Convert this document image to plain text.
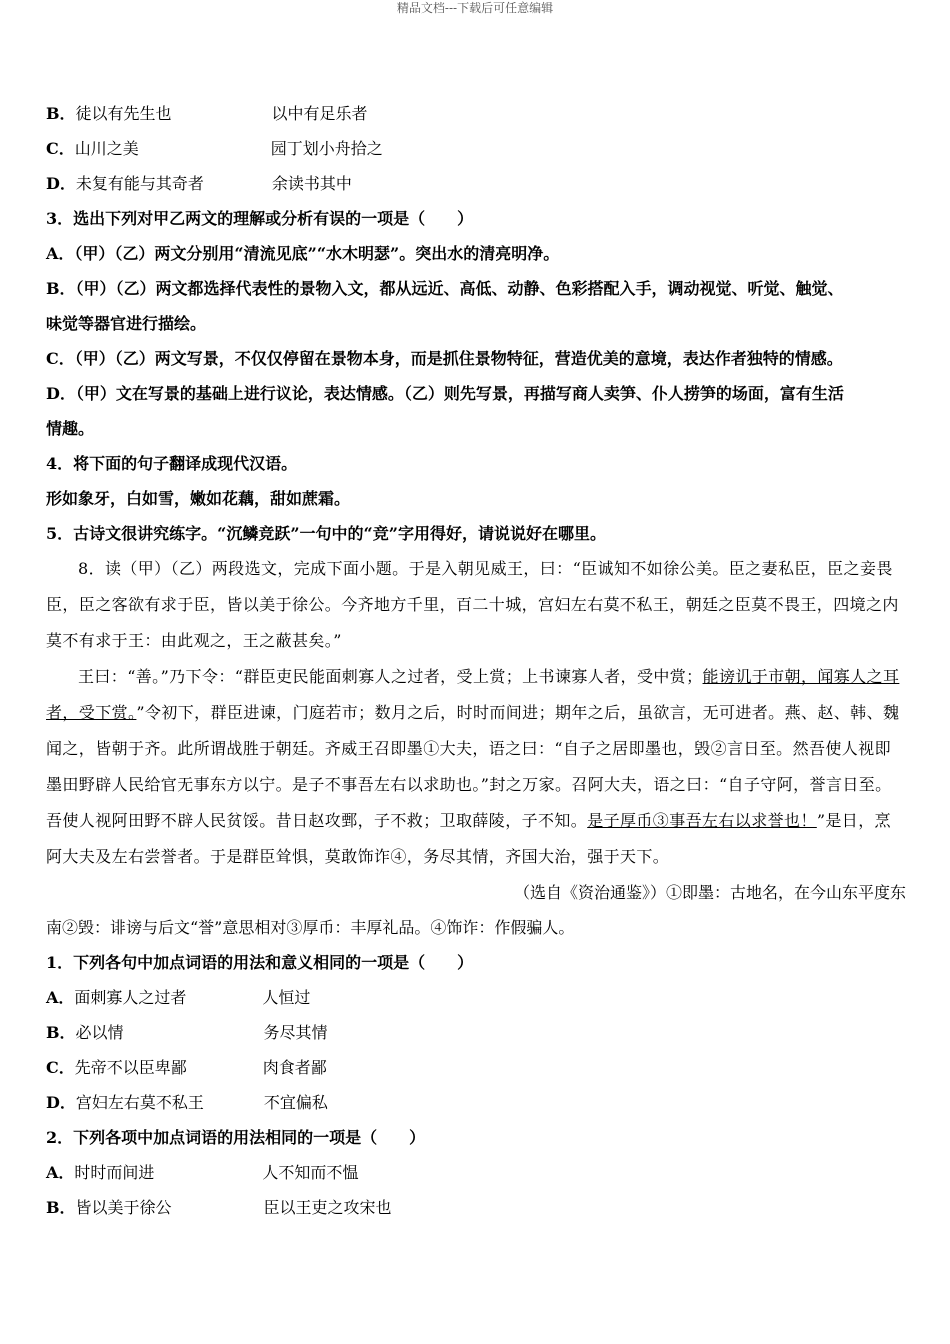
精品文档---下载后可任意编辑
B．徒以有先生也	以中有足乐者
C．山川之美	园丁划小舟拾之
D．未复有能与其奇者	余读书其中
3．选出下列对甲乙两文的理解或分析有误的一项是（　　）
A．（甲）（乙）两文分别用“清流见底”“水木明瑟”。突出水的清亮明净。
B．（甲）（乙）两文都选择代表性的景物入文，都从远近、高低、动静、色彩搭配入手，调动视觉、听觉、触觉、
味觉等器官进行描绘。
C．（甲）（乙）两文写景，不仅仅停留在景物本身，而是抓住景物特征，营造优美的意境，表达作者独特的情感。
D．（甲）文在写景的基础上进行议论，表达情感。（乙）则先写景，再描写商人卖笋、仆人捞笋的场面，富有生活
情趣。
4．将下面的句子翻译成现代汉语。
形如象牙，白如雪，嫩如花藕，甜如蔗霜。
5．古诗文很讲究练字。“沉鳞竞跃”一句中的“竞”字用得好，请说说好在哪里。
8．读（甲）（乙）两段选文，完成下面小题。于是入朝见威王，曰：“臣诚知不如徐公美。臣之妻私臣，臣之妾畏臣，臣之客欲有求于臣，皆以美于徐公。今齐地方千里，百二十城，宫妇左右莫不私王，朝廷之臣莫不畏王，四境之内莫不有求于王：由此观之，王之蔽甚矣。”
王曰：“善。”乃下令：“群臣吏民能面刺寡人之过者，受上赏；上书谏寡人者，受中赏；能谤讥于市朝，闻寡人之耳者，受下赏。”令初下，群臣进谏，门庭若市；数月之后，时时而间进；期年之后，虽欲言，无可进者。燕、赵、韩、魏闻之，皆朝于齐。此所谓战胜于朝廷。齐威王召即墨①大夫，语之曰：“自子之居即墨也，毁②言日至。然吾使人视即墨田野辟人民给官无事东方以宁。是子不事吾左右以求助也。”封之万家。召阿大夫，语之曰：“自子守阿，誉言日至。吾使人视阿田野不辟人民贫馁。昔日赵攻鄄，子不救；卫取薛陵，子不知。是子厚币③事吾左右以求誉也！”是日，烹阿大夫及左右尝誉者。于是群臣耸惧，莫敢饰诈④，务尽其情，齐国大治，强于天下。
（选自《资治通鉴》）①即墨：古地名，在今山东平度东
南②毁：诽谤与后文“誉”意思相对③厚币：丰厚礼品。④饰诈：作假骗人。
1．下列各句中加点词语的用法和意义相同的一项是（　　）
A．面刺寡人之过者	人恒过
B．必以情	务尽其情
C．先帝不以臣卑鄙	肉食者鄙
D．宫妇左右莫不私王	不宜偏私
2．下列各项中加点词语的用法相同的一项是（　　）
A．时时而间进	人不知而不愠
B．皆以美于徐公	臣以王吏之攻宋也
